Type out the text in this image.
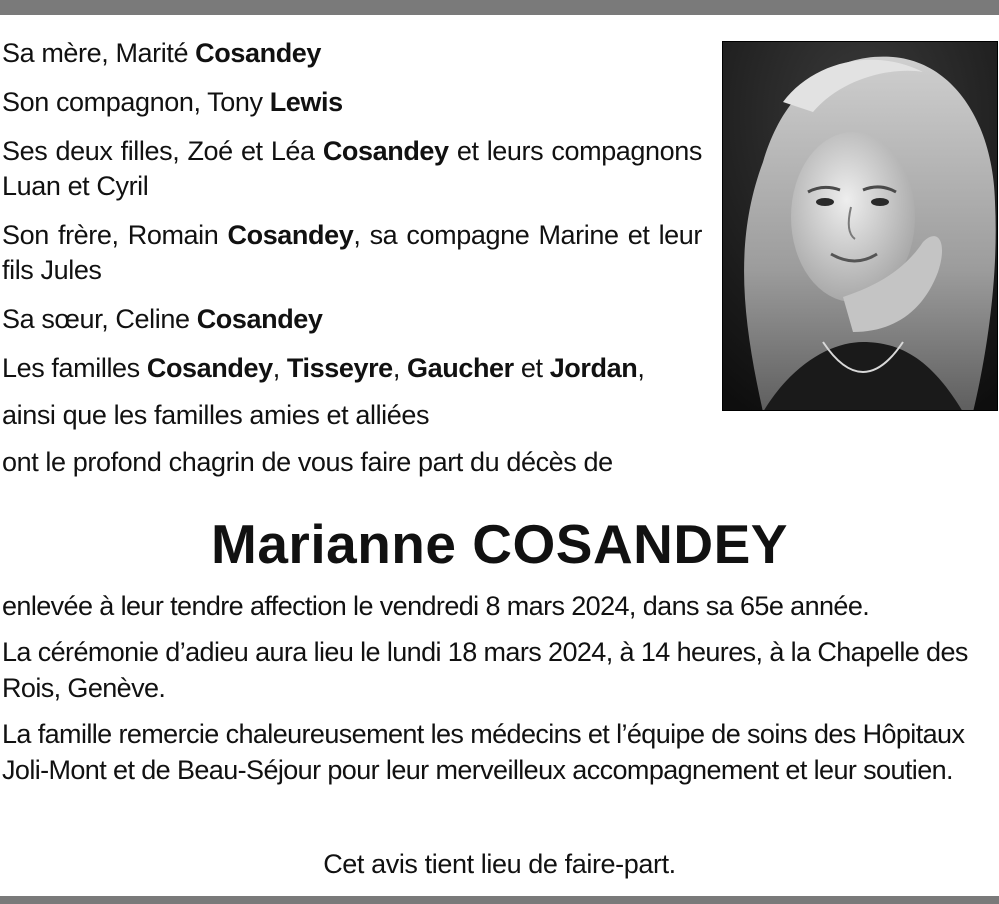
Sa mère, Marité Cosandey

Son compagnon, Tony Lewis

Ses deux filles, Zoé et Léa Cosandey et leurs compagnons Luan et Cyril

Son frère, Romain Cosandey, sa compagne Marine et leur fils Jules

Sa sœur, Celine Cosandey

Les familles Cosandey, Tisseyre, Gaucher et Jordan,

ainsi que les familles amies et alliées

ont le profond chagrin de vous faire part du décès de

Marianne COSANDEY

enlevée à leur tendre affection le vendredi 8 mars 2024, dans sa 65e année.

La cérémonie d’adieu aura lieu le lundi 18 mars 2024, à 14 heures, à la Chapelle des Rois, Genève.

La famille remercie chaleureusement les médecins et l’équipe de soins des Hôpitaux Joli-Mont et de Beau-Séjour pour leur merveilleux accompagnement et leur soutien.

Cet avis tient lieu de faire-part.
